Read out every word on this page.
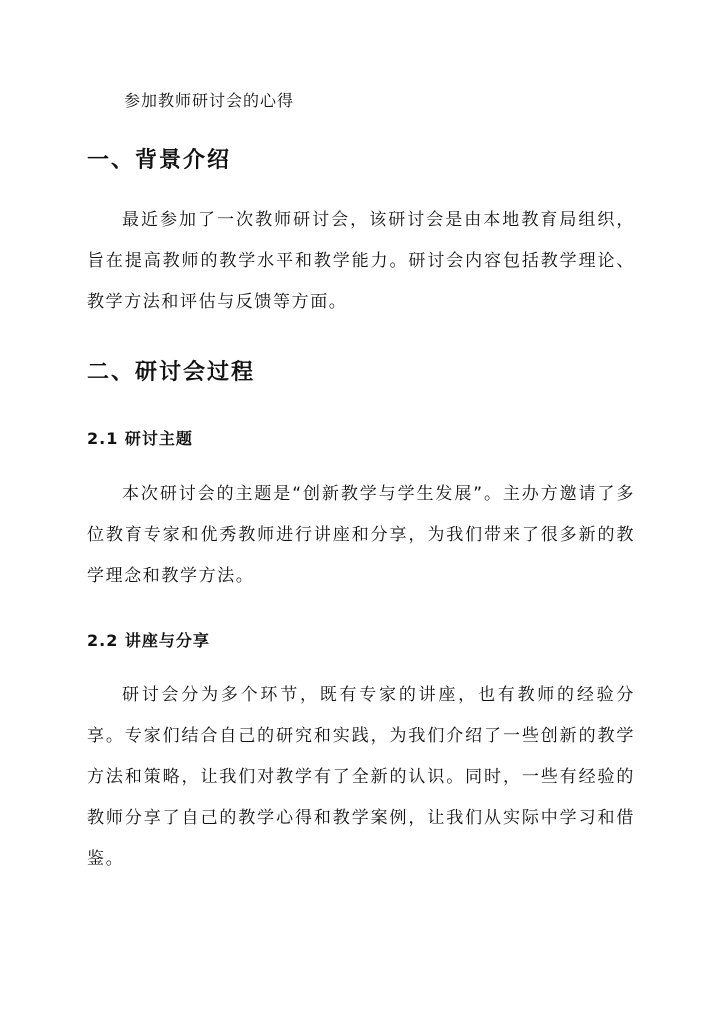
参加教师研讨会的心得
一、背景介绍
最近参加了一次教师研讨会，该研讨会是由本地教育局组织，旨在提高教师的教学水平和教学能力。研讨会内容包括教学理论、教学方法和评估与反馈等方面。
二、研讨会过程
2.1 研讨主题
本次研讨会的主题是“创新教学与学生发展”。主办方邀请了多位教育专家和优秀教师进行讲座和分享，为我们带来了很多新的教学理念和教学方法。
2.2 讲座与分享
研讨会分为多个环节，既有专家的讲座，也有教师的经验分享。专家们结合自己的研究和实践，为我们介绍了一些创新的教学方法和策略，让我们对教学有了全新的认识。同时，一些有经验的教师分享了自己的教学心得和教学案例，让我们从实际中学习和借鉴。
